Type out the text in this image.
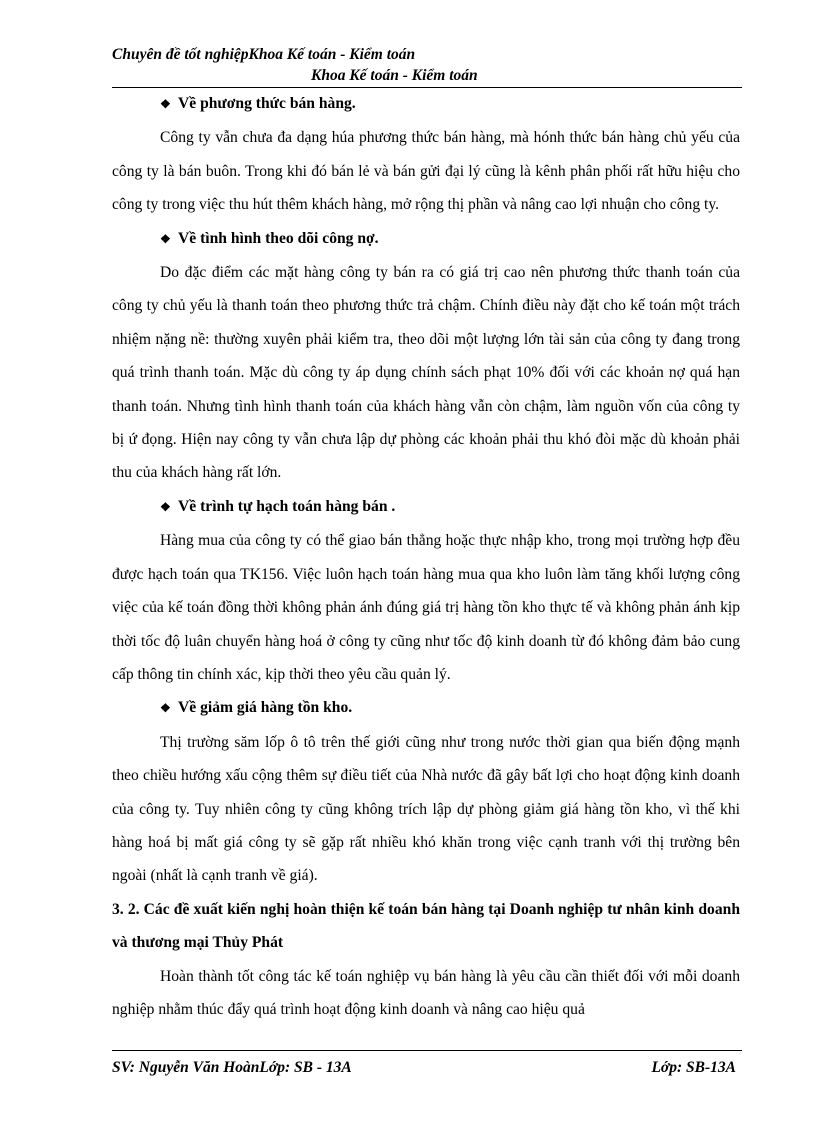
Chuyên đề tốt nghiệpKhoa Kế toán - Kiểm toán
Khoa Kế toán - Kiểm toán

❖ Về phương thức bán hàng.

Công ty vẫn chưa đa dạng húa phương thức bán hàng, mà hónh thức bán hàng chủ yếu của công ty là bán buôn. Trong khi đó bán lẻ và bán gửi đại lý cũng là kênh phân phối rất hữu hiệu cho công ty trong việc thu hút thêm khách hàng, mở rộng thị phần và nâng cao lợi nhuận cho công ty.

❖ Về tình hình theo dõi công nợ.

Do đặc điểm các mặt hàng công ty bán ra có giá trị cao nên phương thức thanh toán của công ty chủ yếu là thanh toán theo phương thức trả chậm. Chính điều này đặt cho kế toán một trách nhiệm nặng nề: thường xuyên phải kiểm tra, theo dõi một lượng lớn tài sản của công ty đang trong quá trình thanh toán. Mặc dù công ty áp dụng chính sách phạt 10% đối với các khoản nợ quá hạn thanh toán. Nhưng tình hình thanh toán của khách hàng vẫn còn chậm, làm nguồn vốn của công ty bị ứ đọng. Hiện nay công ty vẫn chưa lập dự phòng các khoản phải thu khó đòi mặc dù khoản phải thu của khách hàng rất lớn.

❖ Về trình tự hạch toán hàng bán .

Hàng mua của công ty có thể giao bán thẳng hoặc thực nhập kho, trong mọi trường hợp đều được hạch toán qua TK156. Việc luôn hạch toán hàng mua qua kho luôn làm tăng khối lượng công việc của kế toán đồng thời không phản ánh đúng giá trị hàng tồn kho thực tế và không phản ánh kịp thời tốc độ luân chuyển hàng hoá ở công ty cũng như tốc độ kinh doanh từ đó không đảm bảo cung cấp thông tin chính xác, kịp thời theo yêu cầu quản lý.

❖ Về giảm giá hàng tồn kho.

Thị trường săm lốp ô tô trên thế giới cũng như trong nước thời gian qua biến động mạnh theo chiều hướng xấu cộng thêm sự điều tiết của Nhà nước đã gây bất lợi cho hoạt động kinh doanh của công ty. Tuy nhiên công ty cũng không trích lập dự phòng giảm giá hàng tồn kho, vì thế khi hàng hoá bị mất giá công ty sẽ gặp rất nhiều khó khăn trong việc cạnh tranh với thị trường bên ngoài (nhất là cạnh tranh về giá).

3. 2. Các đề xuất kiến nghị hoàn thiện kế toán bán hàng tại Doanh nghiệp tư nhân kinh doanh và thương mại Thủy Phát

Hoàn thành tốt công tác kế toán nghiệp vụ bán hàng là yêu cầu cần thiết đối với mỗi doanh nghiệp nhằm thúc đẩy quá trình hoạt động kinh doanh và nâng cao hiệu quả

SV: Nguyễn Văn HoànLớp: SB - 13A	Lớp: SB-13A
